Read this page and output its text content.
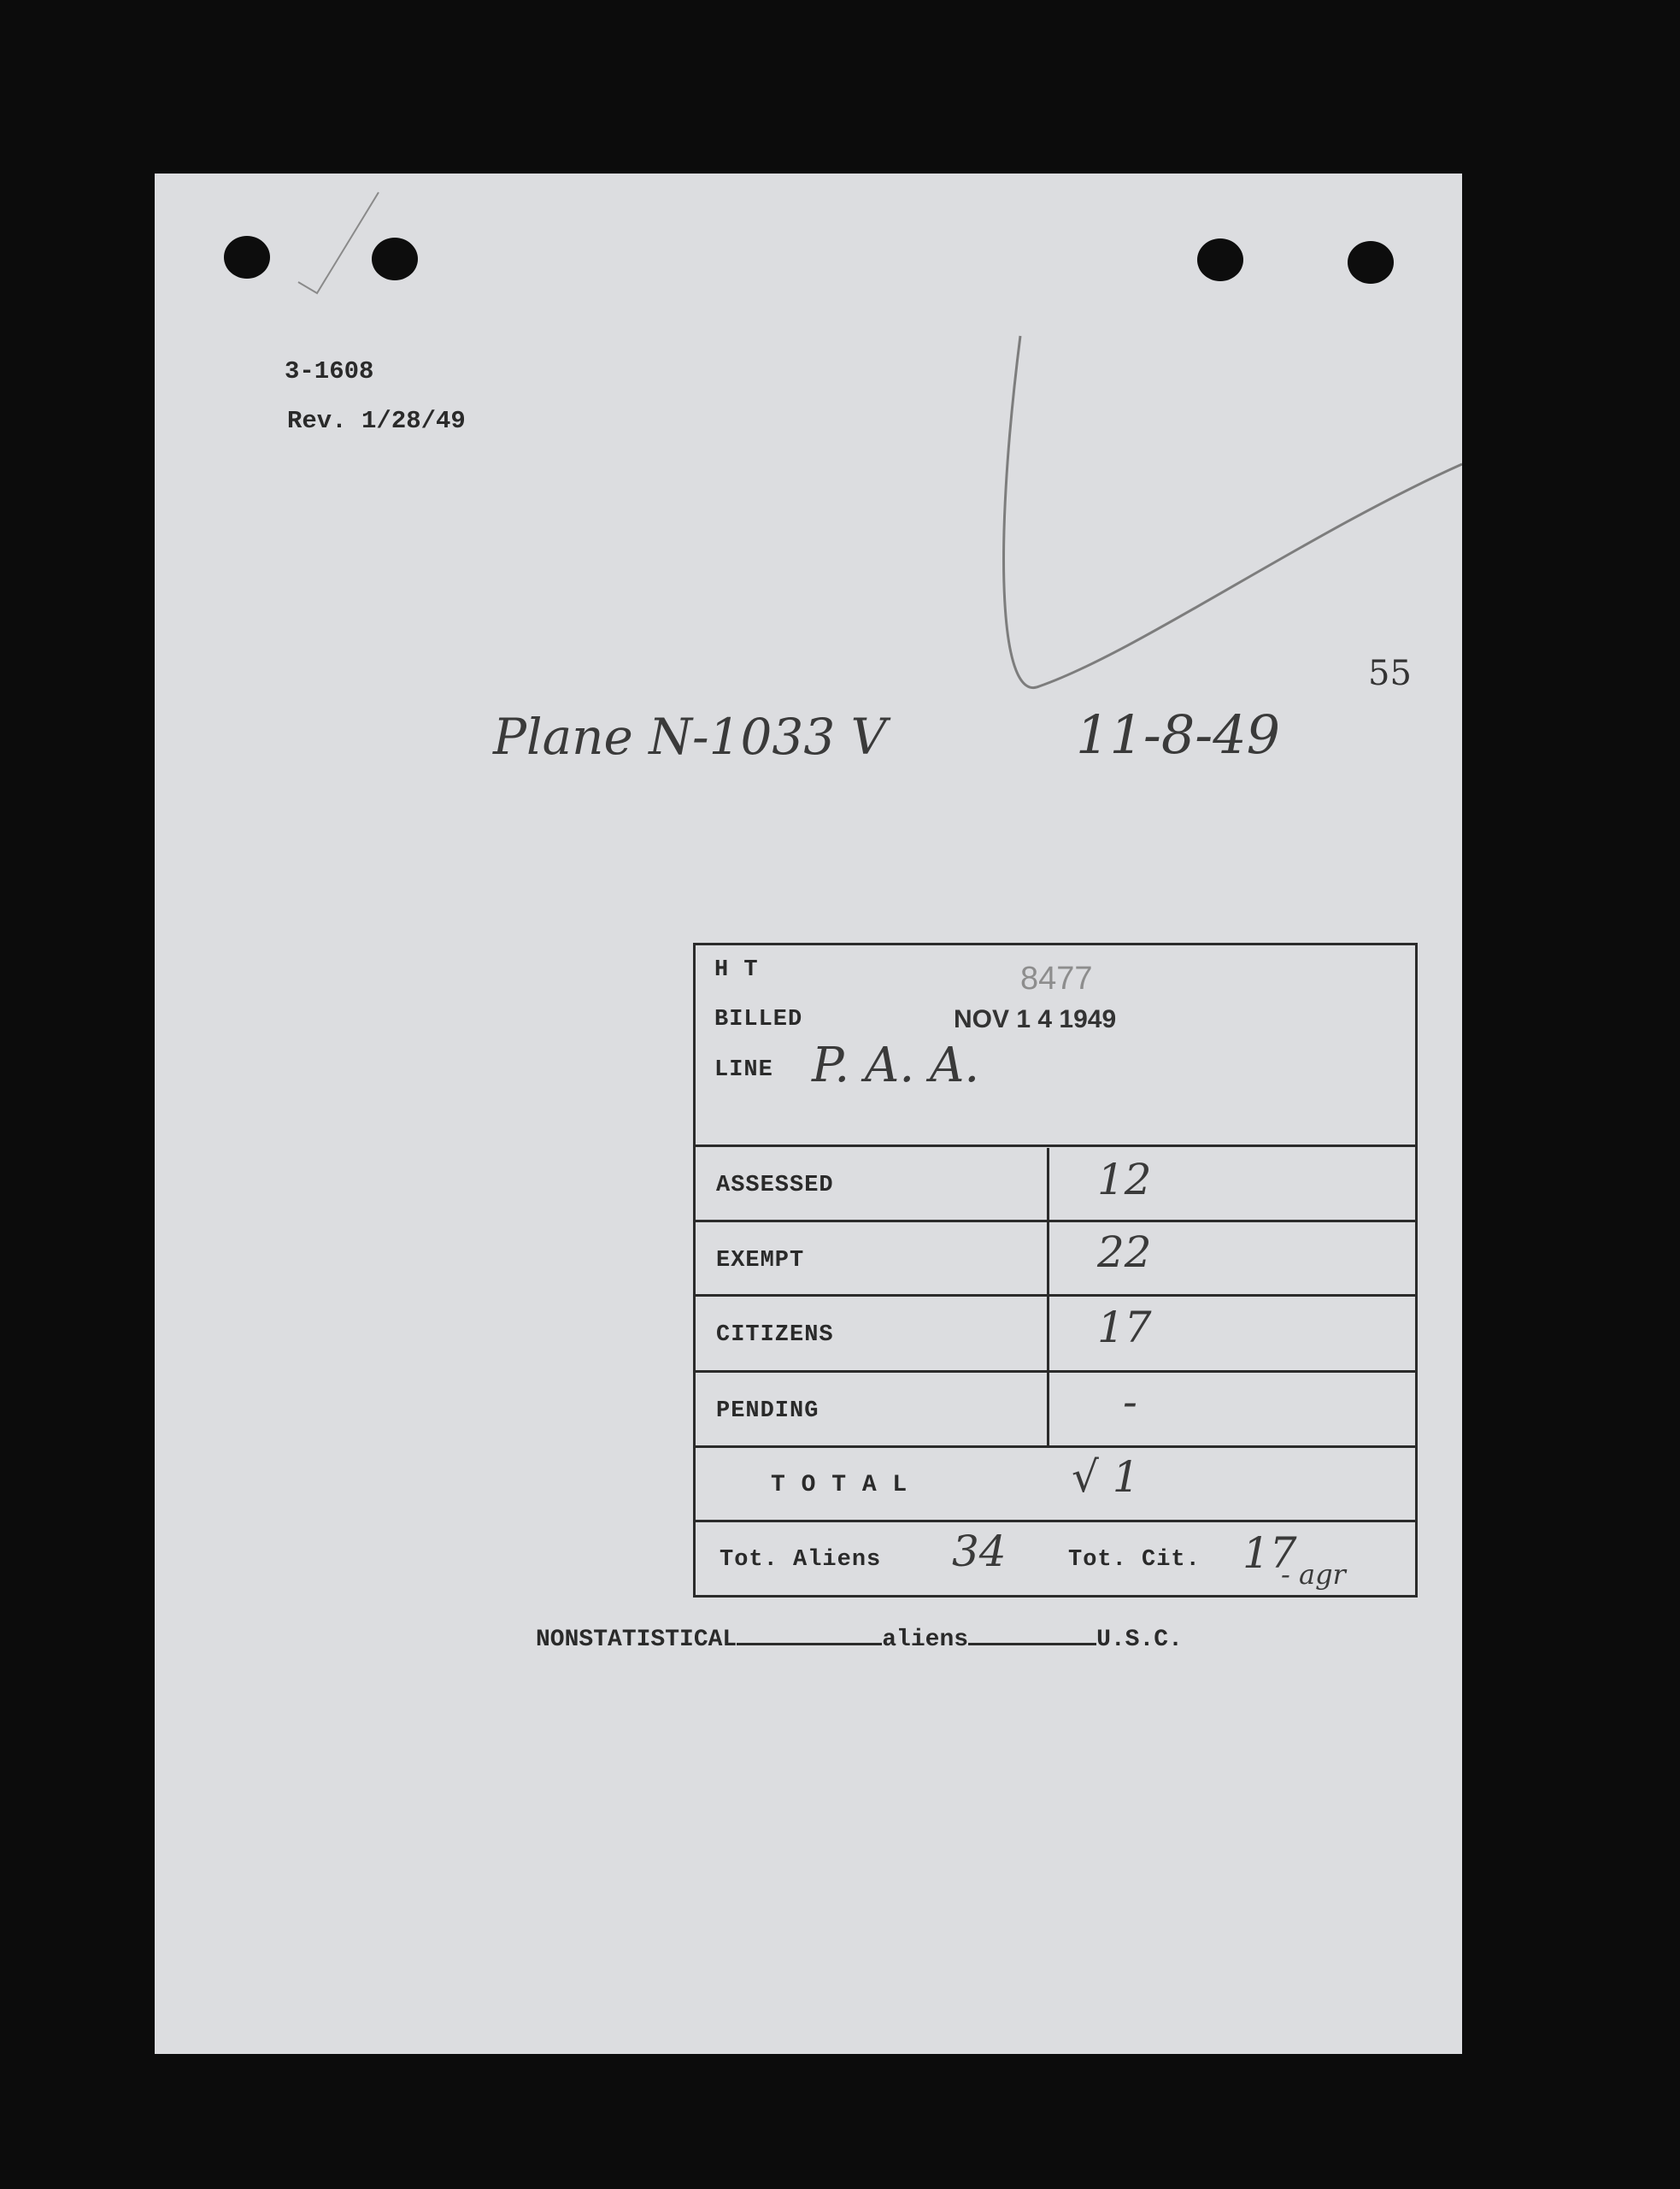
3-1608
Rev. 1/28/49
55
Plane N-1033 V	11-8-49
H T	8477
BILLED	NOV 1 4 1949
LINE P. A. A.
ASSESSED	12
EXEMPT	22
CITIZENS	17
PENDING	-
T O T A L	√ 1
Tot. Aliens 34	Tot. Cit. 17
- agr
NONSTATISTICAL	aliens	U.S.C.
